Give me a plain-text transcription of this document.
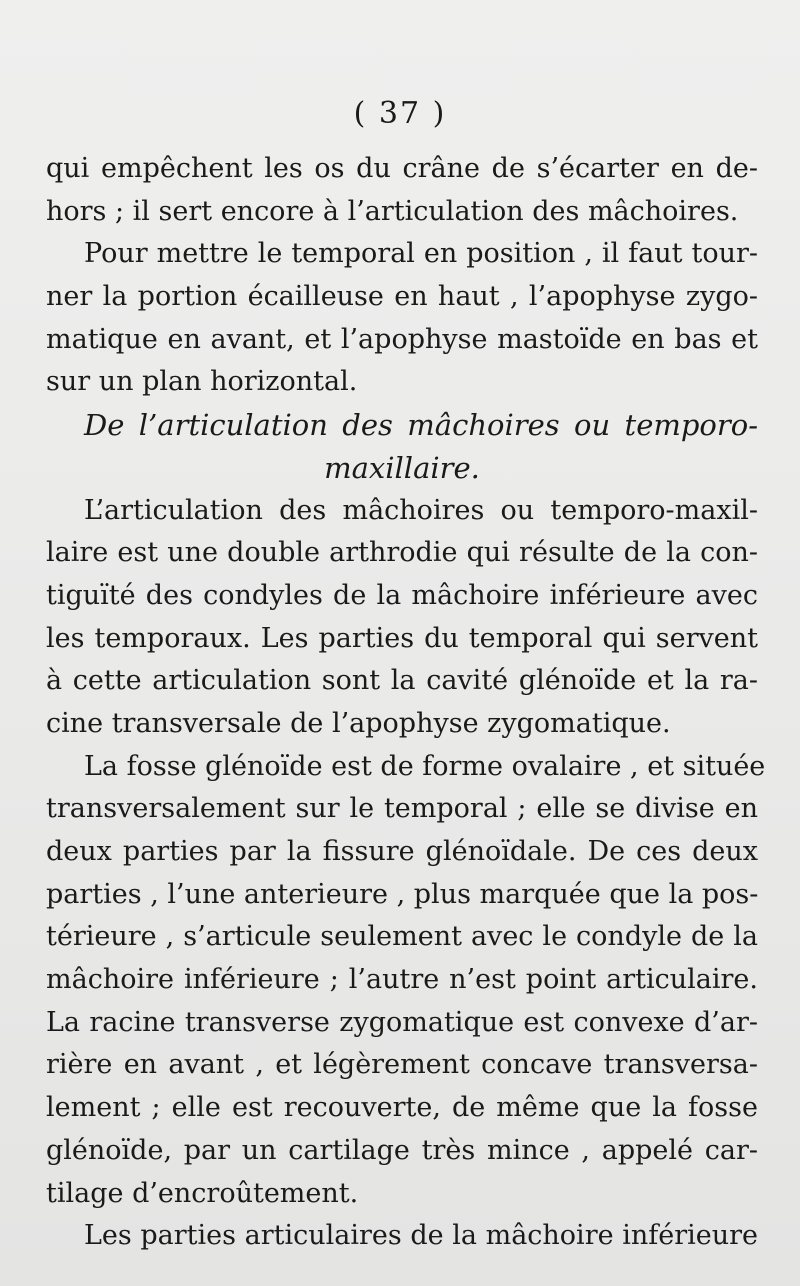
( 37 )
qui empêchent les os du crâne de s’écarter en de-
hors ; il sert encore à l’articulation des mâchoires.
Pour mettre le temporal en position , il faut tour-
ner la portion écailleuse en haut , l’apophyse zygo-
matique en avant, et l’apophyse mastoïde en bas et
sur un plan horizontal.
De l’articulation des mâchoires ou temporo-
maxillaire.
L’articulation des mâchoires ou temporo-maxil-
laire est une double arthrodie qui résulte de la con-
tiguïté des condyles de la mâchoire inférieure avec
les temporaux. Les parties du temporal qui servent
à cette articulation sont la cavité glénoïde et la ra-
cine transversale de l’apophyse zygomatique.
La fosse glénoïde est de forme ovalaire , et située
transversalement sur le temporal ; elle se divise en
deux parties par la fissure glénoïdale. De ces deux
parties , l’une anterieure , plus marquée que la pos-
térieure , s’articule seulement avec le condyle de la
mâchoire inférieure ; l’autre n’est point articulaire.
La racine transverse zygomatique est convexe d’ar-
rière en avant , et légèrement concave transversa-
lement ; elle est recouverte, de même que la fosse
glénoïde, par un cartilage très mince , appelé car-
tilage d’encroûtement.
Les parties articulaires de la mâchoire inférieure
